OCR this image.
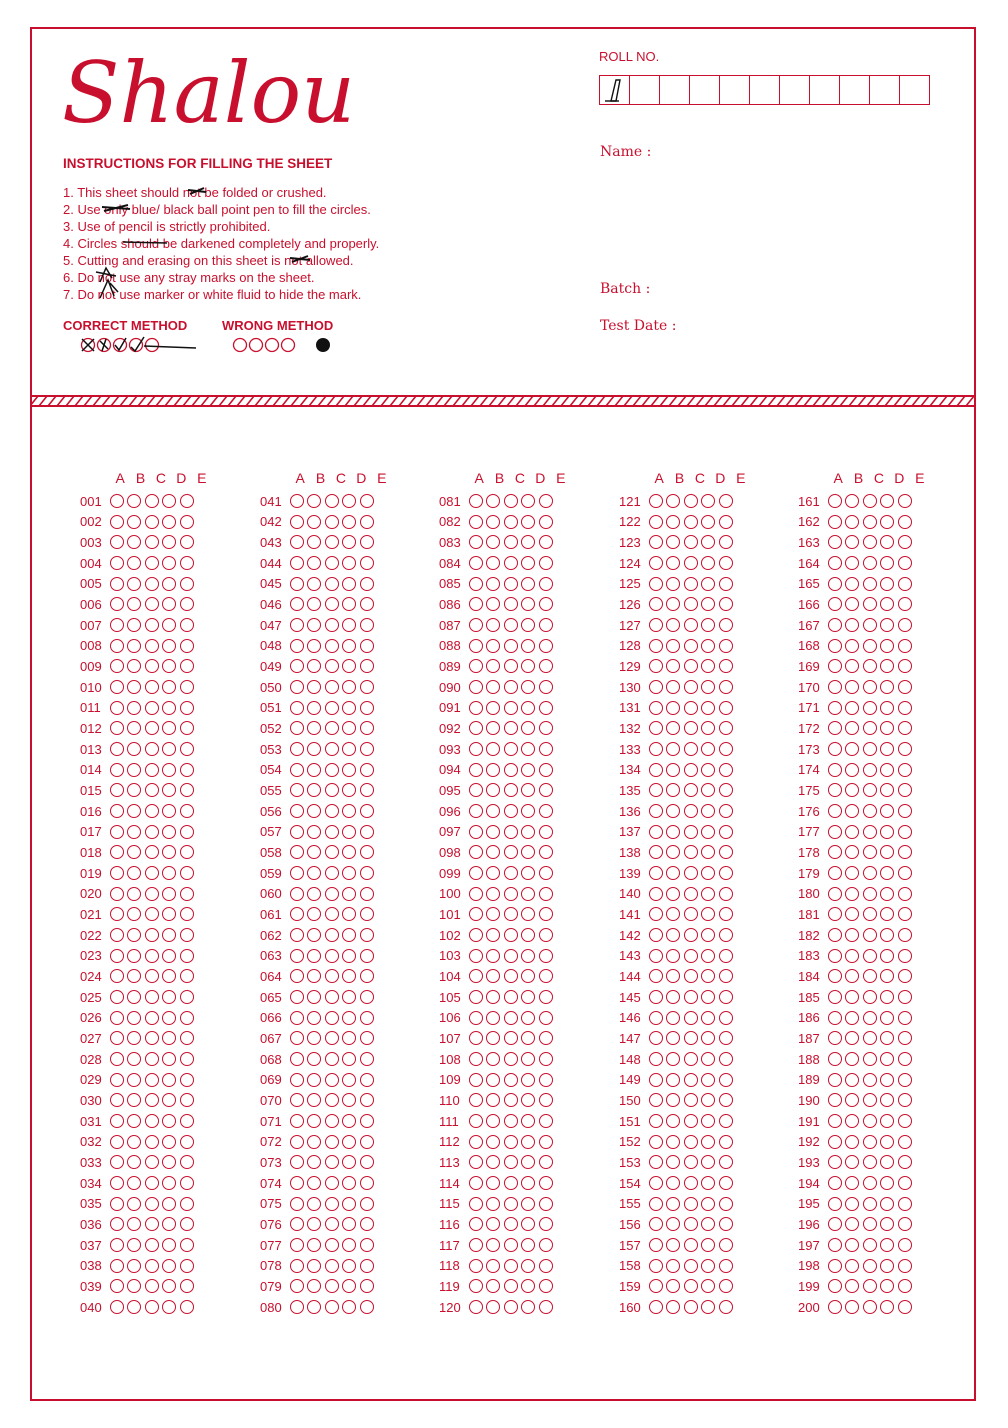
Shalou
INSTRUCTIONS FOR FILLING THE SHEET
1. This sheet should not be folded or crushed.
2. Use only blue/ black ball point pen to fill the circles.
3. Use of pencil is strictly prohibited.
4. Circles should be darkened completely and properly.
5. Cutting and erasing on this sheet is not allowed.
6. Do not use any stray marks on the sheet.
7. Do not use marker or white fluid to hide the mark.
CORRECT METHOD	WRONG METHOD
ROLL NO.
Name :
Batch :
Test Date :
A B C D E
001
002
003
004
005
006
007
008
009
010
011
012
013
014
015
016
017
018
019
020
021
022
023
024
025
026
027
028
029
030
031
032
033
034
035
036
037
038
039
040
A B C D E
041
042
043
044
045
046
047
048
049
050
051
052
053
054
055
056
057
058
059
060
061
062
063
064
065
066
067
068
069
070
071
072
073
074
075
076
077
078
079
080
A B C D E
081
082
083
084
085
086
087
088
089
090
091
092
093
094
095
096
097
098
099
100
101
102
103
104
105
106
107
108
109
110
111
112
113
114
115
116
117
118
119
120
A B C D E
121
122
123
124
125
126
127
128
129
130
131
132
133
134
135
136
137
138
139
140
141
142
143
144
145
146
147
148
149
150
151
152
153
154
155
156
157
158
159
160
A B C D E
161
162
163
164
165
166
167
168
169
170
171
172
173
174
175
176
177
178
179
180
181
182
183
184
185
186
187
188
189
190
191
192
193
194
195
196
197
198
199
200
